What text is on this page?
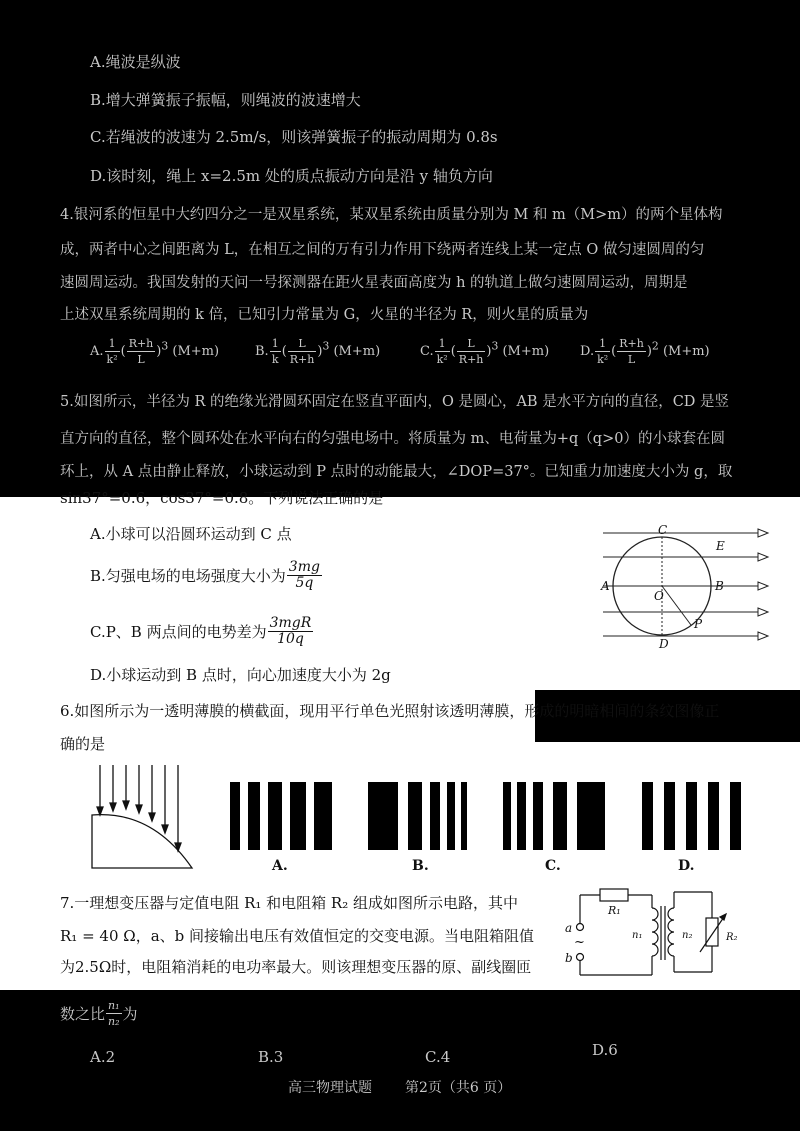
A.绳波是纵波
B.增大弹簧振子振幅，则绳波的波速增大
C.若绳波的波速为 2.5m/s，则该弹簧振子的振动周期为 0.8s
D.该时刻，绳上 x=2.5m 处的质点振动方向是沿 y 轴负方向
4.银河系的恒星中大约四分之一是双星系统，某双星系统由质量分别为 M 和 m（M>m）的两个星体构
成，两者中心之间距离为 L，在相互之间的万有引力作用下绕两者连线上某一定点 O 做匀速圆周的匀
速圆周运动。我国发射的天问一号探测器在距火星表面高度为 h 的轨道上做匀速圆周运动，周期是
上述双星系统周期的 k 倍，已知引力常量为 G，火星的半径为 R，则火星的质量为
A. $\frac{1}{\text{k²}}$ ( $\frac{R+h}{L} )^3$ (M+m)	B. $\frac{1}{k}$ ( $\frac{L}{R+h} )^3$ (M+m)	C. $\frac{1}{\text{k²}}$ ( $\frac{L}{R+h} )^3$ (M+m) D. $\frac{1}{\text{k²}}$ ( $\frac{R+h}{L} )^2$ (M+m)
5.如图所示，半径为 R 的绝缘光滑圆环固定在竖直平面内，O 是圆心，AB 是水平方向的直径，CD 是竖
直方向的直径，整个圆环处在水平向右的匀强电场中。将质量为 m、电荷量为+q（q>0）的小球套在圆
环上，从 A 点由静止释放，小球运动到 P 点时的动能最大，∠DOP=37°。已知重力加速度大小为 g，取
sin37°=0.6，cos37°=0.8。下列说法正确的是
A.小球可以沿圆环运动到 C 点
B.匀强电场的电场强度大小为 $\frac{3mg}{5q}$
C.P、B 两点间的电势差为 $\frac{\text{3mgR}}{10q}$
D.小球运动到 B 点时，向心加速度大小为 2g
C
E
A
O
B
P
D
6.如图所示为一透明薄膜的横截面，现用平行单色光照射该透明薄膜，形成的明暗相间的条纹图像正
确的是
A.	B.	C.	D.
7.一理想变压器与定值电阻 R₁ 和电阻箱 R₂ 组成如图所示电路，其中
R₁ = 40 Ω，a、b 间接输出电压有效值恒定的交变电源。当电阻箱阻值
为2.5Ω时，电阻箱消耗的电功率最大。则该理想变压器的原、副线圈匝
R₁
a
~
b
n₁	n₂	R₂
数之比 $\frac{\text{n₁}}{\text{n₂}}$ 为
A.2	B.3	C.4	D.6
高三物理试题 第2页（共6 页）
